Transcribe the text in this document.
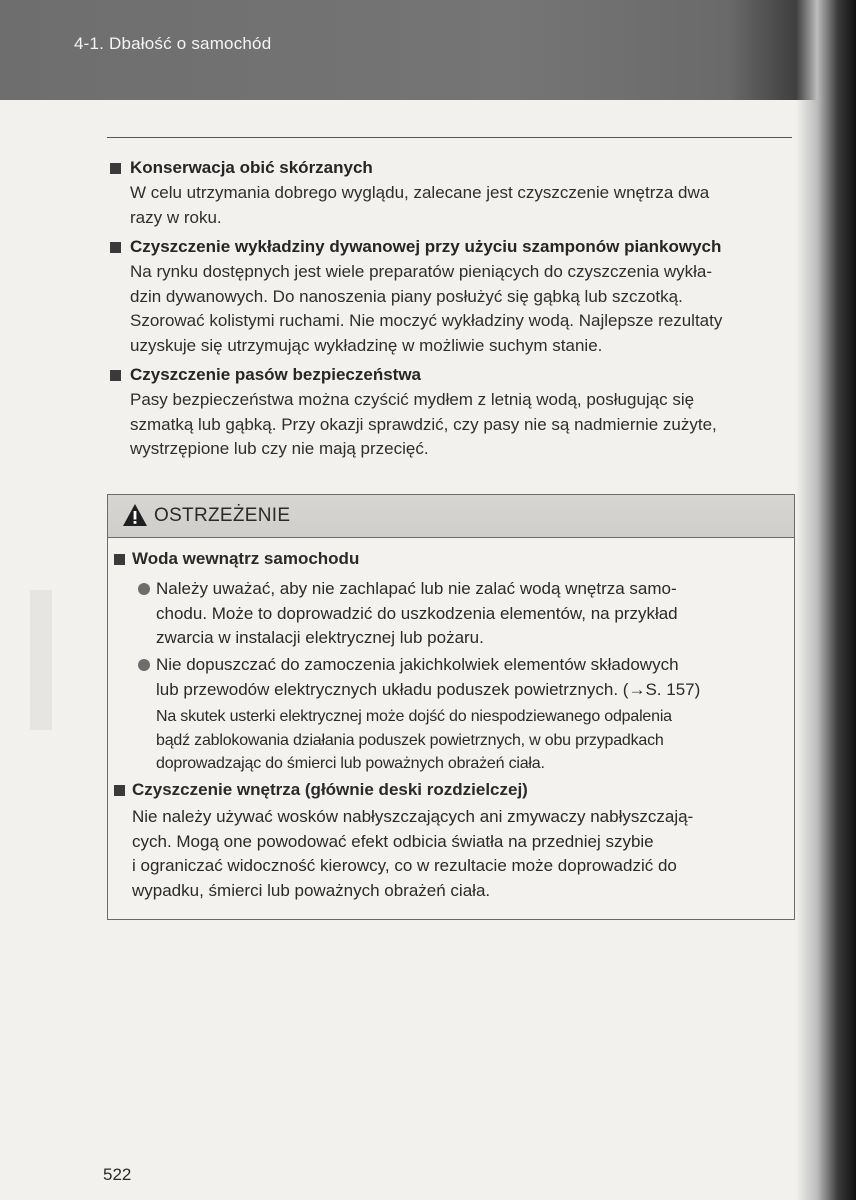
4-1. Dbałość o samochód
Konserwacja obić skórzanych
W celu utrzymania dobrego wyglądu, zalecane jest czyszczenie wnętrza dwa
razy w roku.
Czyszczenie wykładziny dywanowej przy użyciu szamponów piankowych
Na rynku dostępnych jest wiele preparatów pieniących do czyszczenia wykła-
dzin dywanowych. Do nanoszenia piany posłużyć się gąbką lub szczotką.
Szorować kolistymi ruchami. Nie moczyć wykładziny wodą. Najlepsze rezultaty
uzyskuje się utrzymując wykładzinę w możliwie suchym stanie.
Czyszczenie pasów bezpieczeństwa
Pasy bezpieczeństwa można czyścić mydłem z letnią wodą, posługując się
szmatką lub gąbką. Przy okazji sprawdzić, czy pasy nie są nadmiernie zużyte,
wystrzępione lub czy nie mają przecięć.
OSTRZEŻENIE
Woda wewnątrz samochodu
Należy uważać, aby nie zachlapać lub nie zalać wodą wnętrza samo-
chodu. Może to doprowadzić do uszkodzenia elementów, na przykład
zwarcia w instalacji elektrycznej lub pożaru.
Nie dopuszczać do zamoczenia jakichkolwiek elementów składowych
lub przewodów elektrycznych układu poduszek powietrznych. (→S. 157)
Na skutek usterki elektrycznej może dojść do niespodziewanego odpalenia
bądź zablokowania działania poduszek powietrznych, w obu przypadkach
doprowadzając do śmierci lub poważnych obrażeń ciała.
Czyszczenie wnętrza (głównie deski rozdzielczej)
Nie należy używać wosków nabłyszczających ani zmywaczy nabłyszczają-
cych. Mogą one powodować efekt odbicia światła na przedniej szybie
i ograniczać widoczność kierowcy, co w rezultacie może doprowadzić do
wypadku, śmierci lub poważnych obrażeń ciała.
522
